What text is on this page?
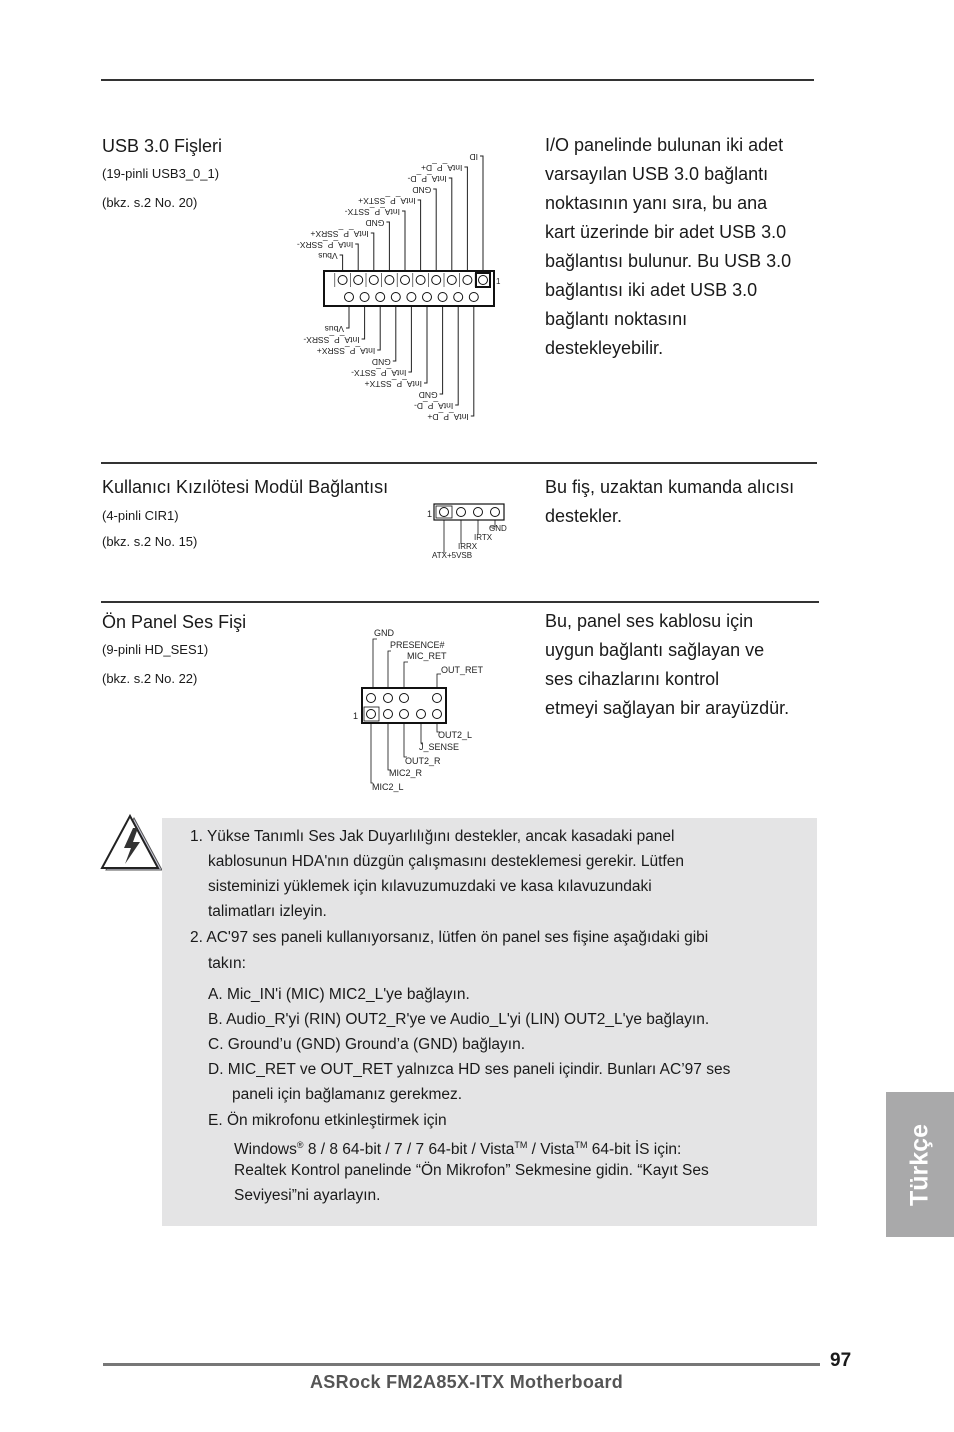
USB 3.0 Fişleri
(19-pinli USB3_0_1)
(bkz. s.2 No. 20)
ID
IntA_P_D+
IntA_P_D-
GND
IntA_P_SSTX+
IntA_P_SSTX-
GND
IntA_P_SSRX+
IntA_P_SSRX-
Vbus
1
Vbus
IntA_P_SSRX-
IntA_P_SSRX+
GND
IntA_P_SSTX-
IntA_P_SSTX+
GND
IntA_P_D-
IntA_P_D+
I/O panelinde bulunan iki adet
varsayılan USB 3.0 bağlantı
noktasının yanı sıra, bu ana
kart üzerinde bir adet USB 3.0
bağlantısı bulunur. Bu USB 3.0
bağlantısı iki adet USB 3.0
bağlantı noktasını
destekleyebilir.
Kullanıcı Kızılötesi Modül Bağlantısı
(4-pinli CIR1)
(bkz. s.2 No. 15)
1
GND
IRTX
IRRX
ATX+5VSB
Bu fiş, uzaktan kumanda alıcısı
destekler.
Ön Panel Ses Fişi
(9-pinli HD_SES1)
(bkz. s.2 No. 22)
GND
PRESENCE#
MIC_RET
OUT_RET
1
OUT2_L
J_SENSE
OUT2_R
MIC2_R
MIC2_L
Bu, panel ses kablosu için
uygun bağlantı sağlayan ve
ses cihazlarını kontrol
etmeyi sağlayan bir arayüzdür.
1. Yükse Tanımlı Ses Jak Duyarlılığını destekler, ancak kasadaki panel
kablosunun HDA'nın düzgün çalışmasını desteklemesi gerekir. Lütfen
sisteminizi yüklemek için kılavuzumuzdaki ve kasa kılavuzundaki
talimatları izleyin.
2. AC'97 ses paneli kullanıyorsanız, lütfen ön panel ses fişine aşağıdaki gibi
takın:
A. Mic_IN'i (MIC) MIC2_L'ye bağlayın.
B. Audio_R'yi (RIN) OUT2_R'ye ve Audio_L'yi (LIN) OUT2_L'ye bağlayın.
C. Ground’u (GND) Ground’a (GND) bağlayın.
D. MIC_RET ve OUT_RET yalnızca HD ses paneli içindir. Bunları AC’97 ses
paneli için bağlamanız gerekmez.
E. Ön mikrofonu etkinleştirmek için
Windows® 8 / 8 64-bit / 7 / 7 64-bit / Vista™ / Vista™ 64-bit İS için:
Realtek Kontrol panelinde “Ön Mikrofon” Sekmesine gidin. “Kayıt Ses
Seviyesi”ni ayarlayın.	Türkçe
97
ASRock FM2A85X-ITX Motherboard
